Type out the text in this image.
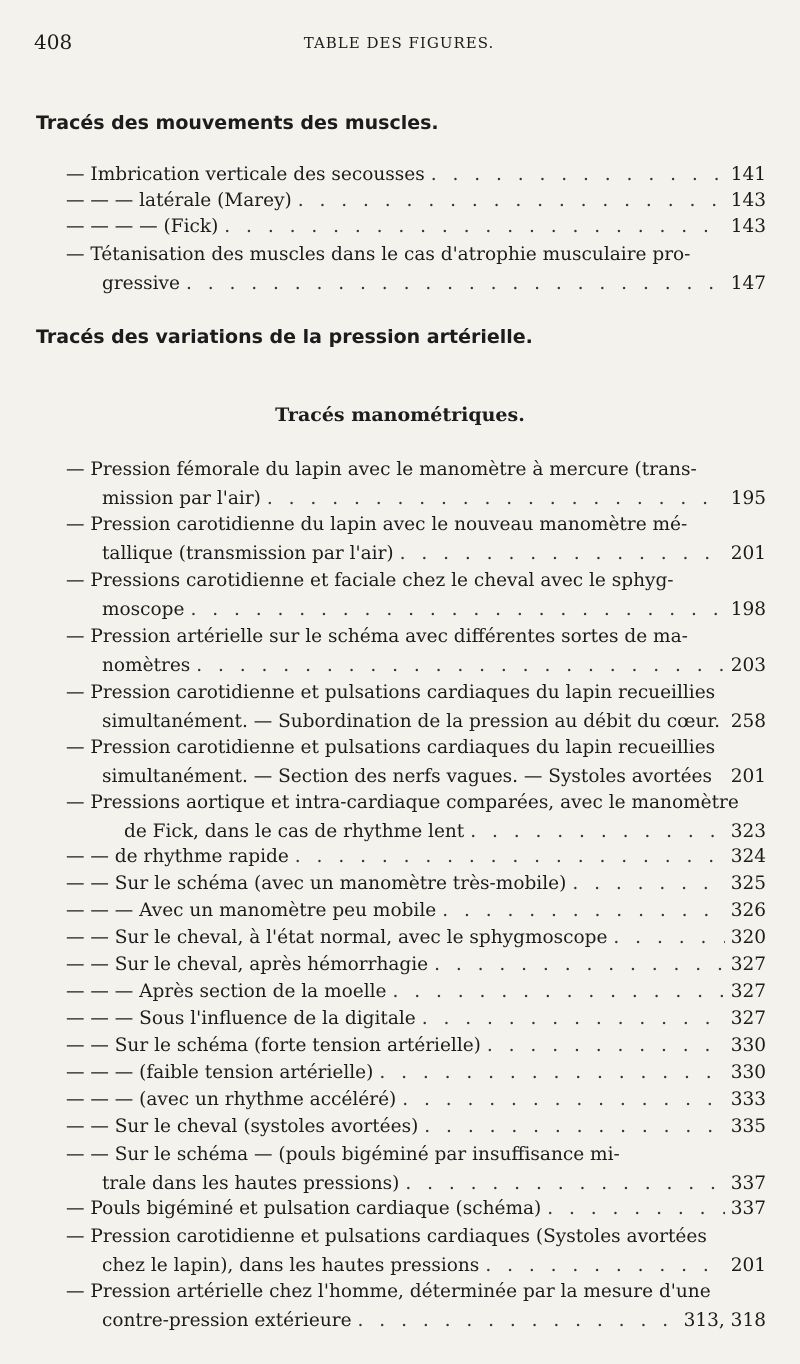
408	TABLE DES FIGURES.
Tracés des mouvements des muscles.
— Imbrication verticale des secousses . . .	141
— — — latérale (Marey) . . .	143
— — — — (Fick) . . .	143
— Tétanisation des muscles dans le cas d'atrophie musculaire pro-
gressive . . .	147
Tracés des variations de la pression artérielle.
Tracés manométriques.
— Pression fémorale du lapin avec le manomètre à mercure (trans-
mission par l'air) . . .	195
— Pression carotidienne du lapin avec le nouveau manomètre mé-
tallique (transmission par l'air) . . .	201
— Pressions carotidienne et faciale chez le cheval avec le sphyg-
moscope . . .	198
— Pression artérielle sur le schéma avec différentes sortes de ma-
nomètres . . .	203
— Pression carotidienne et pulsations cardiaques du lapin recueillies
simultanément. — Subordination de la pression au débit du cœur. 258
— Pression carotidienne et pulsations cardiaques du lapin recueillies
simultanément. — Section des nerfs vagues. — Systoles avortées 201
— Pressions aortique et intra-cardiaque comparées, avec le manomètre
de Fick, dans le cas de rhythme lent . . .	323
— — de rhythme rapide . . .	324
— — Sur le schéma (avec un manomètre très-mobile) . . .	325
— — — Avec un manomètre peu mobile . . .	326
— — Sur le cheval, à l'état normal, avec le sphygmoscope . . .	320
— — Sur le cheval, après hémorrhagie . . .	327
— — — Après section de la moelle . . .	327
— — — Sous l'influence de la digitale . . .	327
— — Sur le schéma (forte tension artérielle) . . .	330
— — — (faible tension artérielle) . . .	330
— — — (avec un rhythme accéléré) . . .	333
— — Sur le cheval (systoles avortées) . . .	335
— — Sur le schéma — (pouls bigéminé par insuffisance mi-
trale dans les hautes pressions) . . .	337
— Pouls bigéminé et pulsation cardiaque (schéma) . . .	337
— Pression carotidienne et pulsations cardiaques (Systoles avortées
chez le lapin), dans les hautes pressions . . .	201
— Pression artérielle chez l'homme, déterminée par la mesure d'une
contre-pression extérieure . . .	313, 318
